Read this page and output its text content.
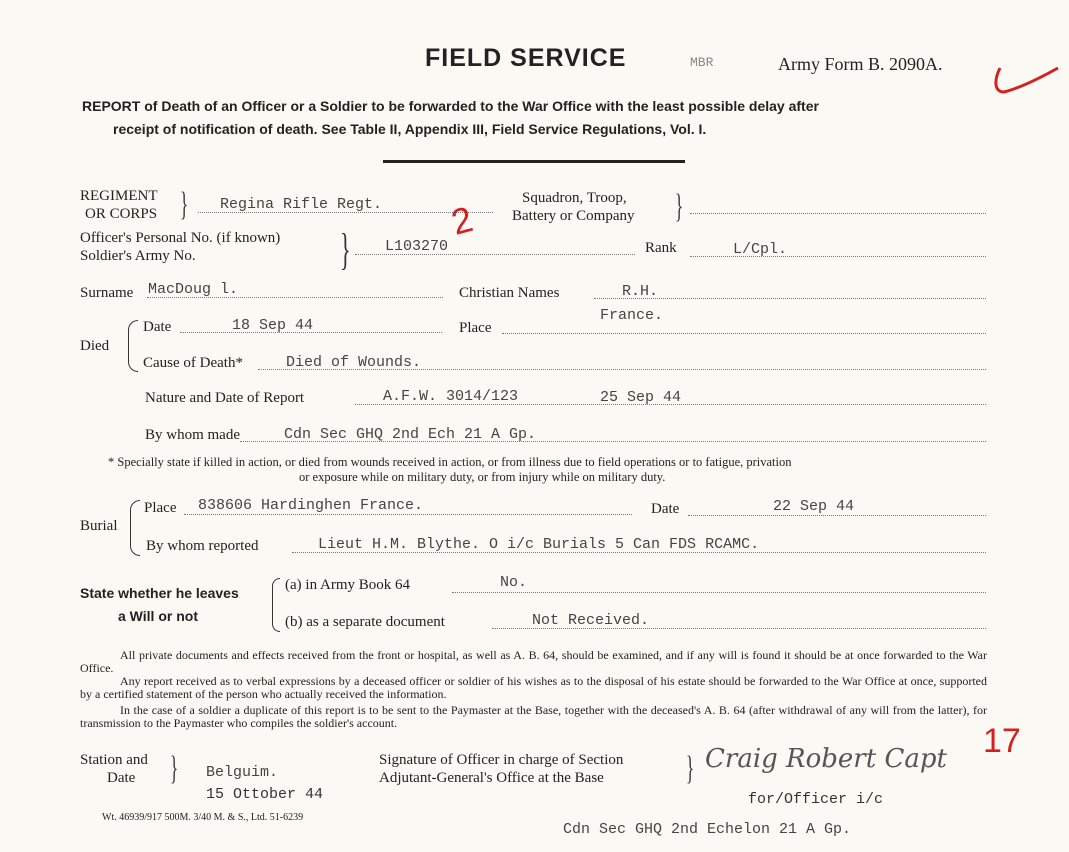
FIELD SERVICE	MBR	Army Form B. 2090A.
REPORT of Death of an Officer or a Soldier to be forwarded to the War Office with the least possible delay after
receipt of notification of death. See Table II, Appendix III, Field Service Regulations, Vol. I.
REGIMENT
OR CORPS } Regina Rifle Regt.	Squadron, Troop,
Battery or Company }
Officer's Personal No. (if known)
Soldier's Army No.	} L103270
2
Rank	L/Cpl.
Surname MacDoug l.	Christian Names	R.H.
Died
Date	18 Sep 44	Place
France.
Cause of Death*	Died of Wounds.
Nature and Date of Report	A.F.W. 3014/123	25 Sep 44
By whom made	Cdn Sec GHQ 2nd Ech 21 A Gp.
* Specially state if killed in action, or died from wounds received in action, or from illness due to field operations or to fatigue, privation
or exposure while on military duty, or from injury while on military duty.
Burial
Place 838606 Hardinghen France.	Date	22 Sep 44
By whom reported	Lieut H.M. Blythe. O i/c Burials 5 Can FDS RCAMC.
State whether he leaves
a Will or not
(a) in Army Book 64	No.
(b) as a separate document	Not Received.
All private documents and effects received from the front or hospital, as well as A. B. 64, should be examined, and if any will is found it should be at once forwarded to the War Office.
Any report received as to verbal expressions by a deceased officer or soldier of his wishes as to the disposal of his estate should be forwarded to the War Office at once, supported by a certified statement of the person who actually received the information.
In the case of a soldier a duplicate of this report is to be sent to the Paymaster at the Base, together with the deceased's A. B. 64 (after withdrawal of any will from the latter), for transmission to the Paymaster who compiles the soldier's account.
Station and
Date } Belguim.
15 Ottober 44
Signature of Officer in charge of Section
Adjutant-General's Office at the Base } Craig Robert Capt 17
for/Officer i/c
Cdn Sec GHQ 2nd Echelon 21 A Gp.
Wt. 46939/917 500M. 3/40 M. & S., Ltd. 51-6239
